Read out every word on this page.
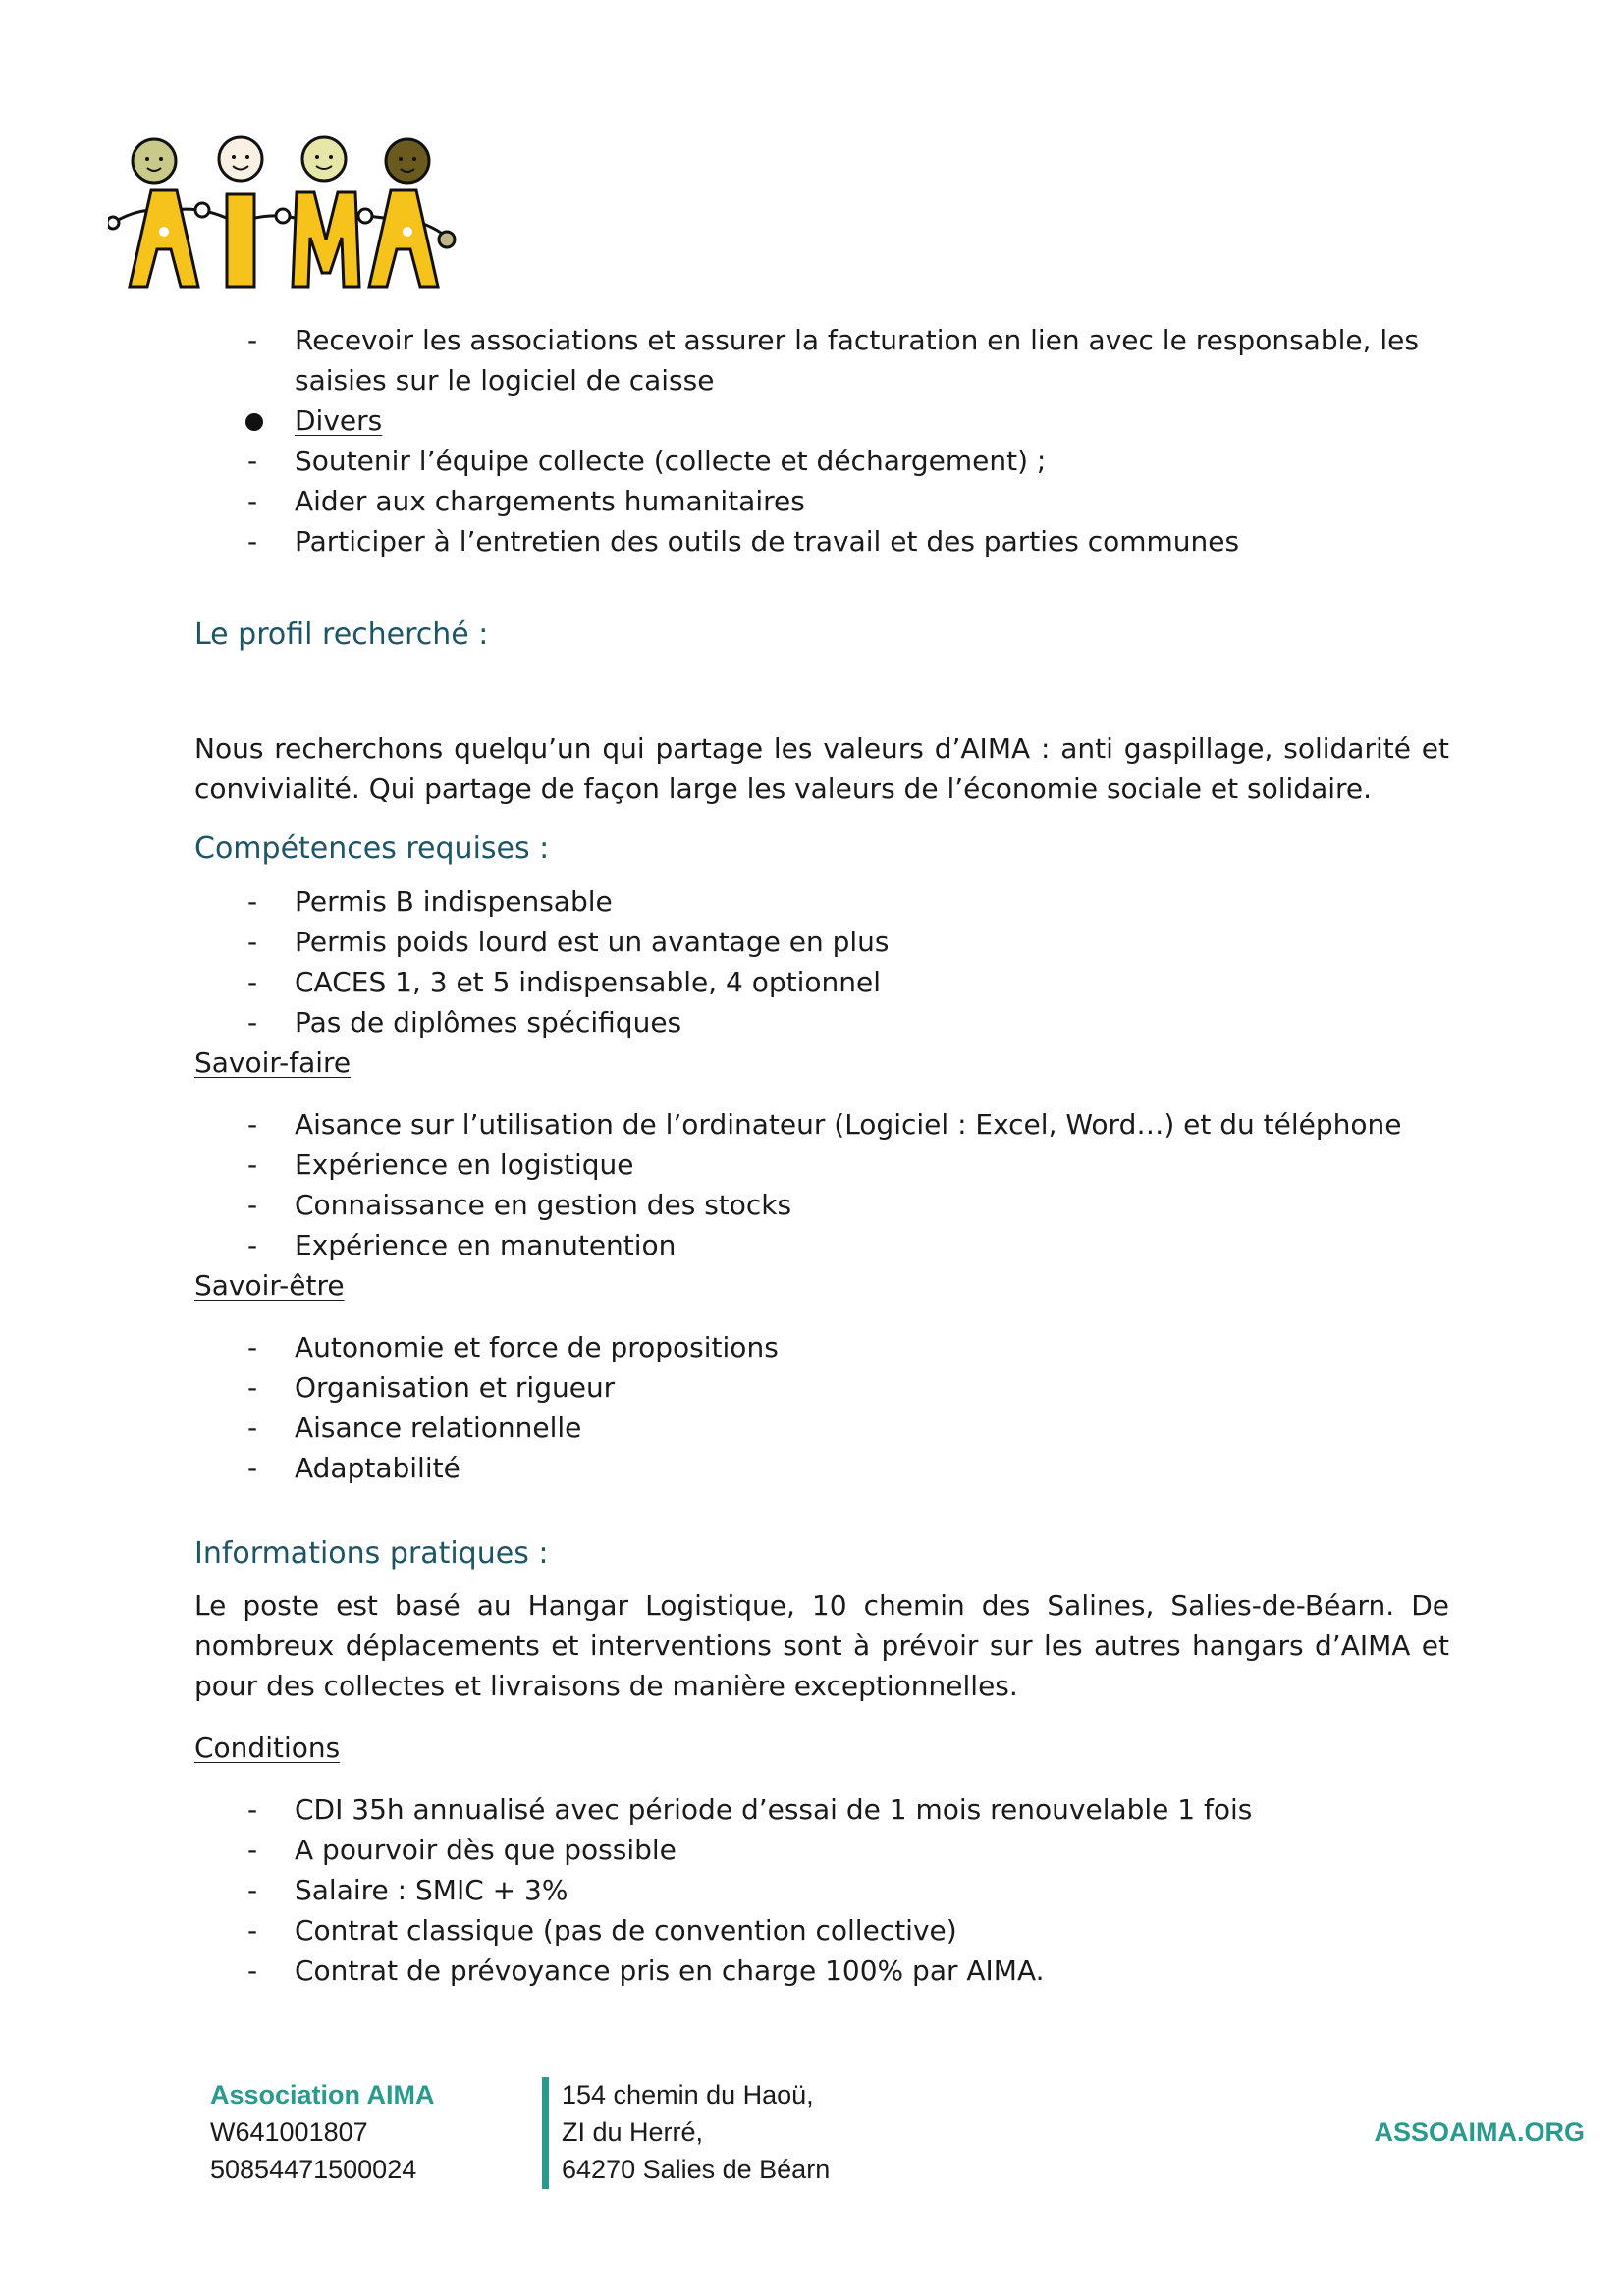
- Recevoir les associations et assurer la facturation en lien avec le responsable, les saisies sur le logiciel de caisse
Divers
- Soutenir l’équipe collecte (collecte et déchargement) ;
- Aider aux chargements humanitaires
- Participer à l’entretien des outils de travail et des parties communes
Le profil recherché :
Nous recherchons quelqu’un qui partage les valeurs d’AIMA : anti gaspillage, solidarité et convivialité. Qui partage de façon large les valeurs de l’économie sociale et solidaire.
Compétences requises :
- Permis B indispensable
- Permis poids lourd est un avantage en plus
- CACES 1, 3 et 5 indispensable, 4 optionnel
- Pas de diplômes spécifiques
Savoir-faire
- Aisance sur l’utilisation de l’ordinateur (Logiciel : Excel, Word…) et du téléphone
- Expérience en logistique
- Connaissance en gestion des stocks
- Expérience en manutention
Savoir-être
- Autonomie et force de propositions
- Organisation et rigueur
- Aisance relationnelle
- Adaptabilité
Informations pratiques :
Le poste est basé au Hangar Logistique, 10 chemin des Salines, Salies-de-Béarn. De nombreux déplacements et interventions sont à prévoir sur les autres hangars d’AIMA et pour des collectes et livraisons de manière exceptionnelles.
Conditions
- CDI 35h annualisé avec période d’essai de 1 mois renouvelable 1 fois
- A pourvoir dès que possible
- Salaire : SMIC + 3%
- Contrat classique (pas de convention collective)
- Contrat de prévoyance pris en charge 100% par AIMA.
Association AIMA
W641001807
50854471500024
154 chemin du Haoü,
ZI du Herré,
64270 Salies de Béarn
ASSOAIMA.ORG
